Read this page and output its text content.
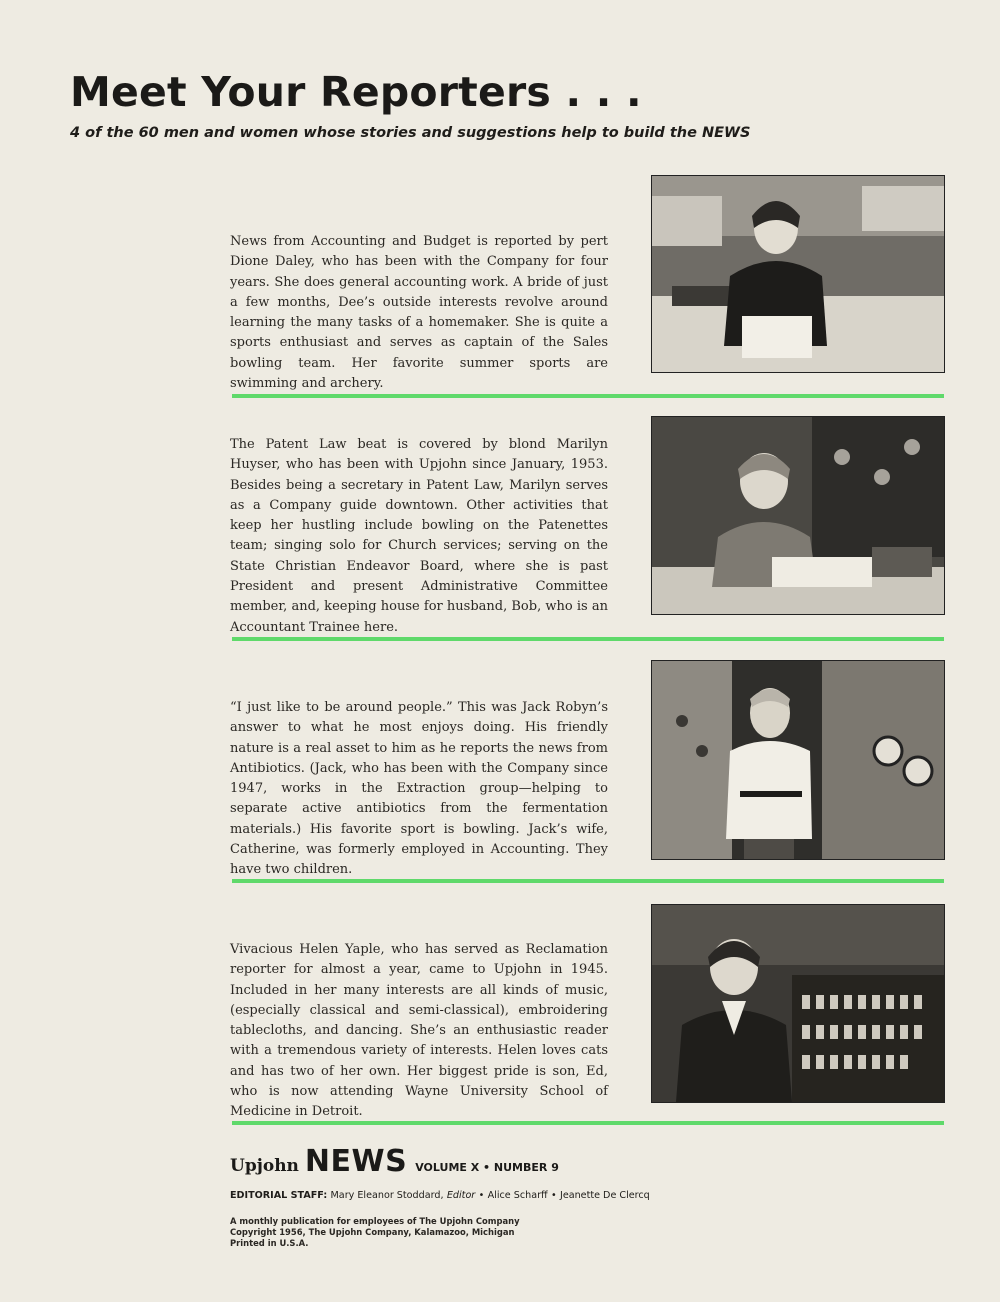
Meet Your Reporters . . .
4 of the 60 men and women whose stories and suggestions help to build the NEWS

News from Accounting and Budget is reported by pert Dione Daley, who has been with the Company for four years. She does general accounting work. A bride of just a few months, Dee’s outside interests revolve around learning the many tasks of a homemaker. She is quite a sports enthusiast and serves as captain of the Sales bowling team. Her favorite summer sports are swimming and archery.

The Patent Law beat is covered by blond Marilyn Huyser, who has been with Upjohn since January, 1953. Besides being a secretary in Patent Law, Marilyn serves as a Company guide downtown. Other activities that keep her hustling include bowling on the Patenettes team; singing solo for Church services; serving on the State Christian Endeavor Board, where she is past President and present Administrative Committee member, and, keeping house for husband, Bob, who is an Accountant Trainee here.

“I just like to be around people.” This was Jack Robyn’s answer to what he most enjoys doing. His friendly nature is a real asset to him as he reports the news from Antibiotics. (Jack, who has been with the Company since 1947, works in the Extraction group—helping to separate active antibiotics from the fermentation materials.) His favorite sport is bowling. Jack’s wife, Catherine, was formerly employed in Accounting. They have two children.

Vivacious Helen Yaple, who has served as Reclamation reporter for almost a year, came to Upjohn in 1945. Included in her many interests are all kinds of music, (especially classical and semi-classical), embroidering tablecloths, and dancing. She’s an enthusiastic reader with a tremendous variety of interests. Helen loves cats and has two of her own. Her biggest pride is son, Ed, who is now attending Wayne University School of Medicine in Detroit.

Upjohn NEWS VOLUME X • NUMBER 9
EDITORIAL STAFF: Mary Eleanor Stoddard, Editor • Alice Scharff • Jeanette De Clercq
A monthly publication for employees of The Upjohn Company
Copyright 1956, The Upjohn Company, Kalamazoo, Michigan
Printed in U.S.A.
